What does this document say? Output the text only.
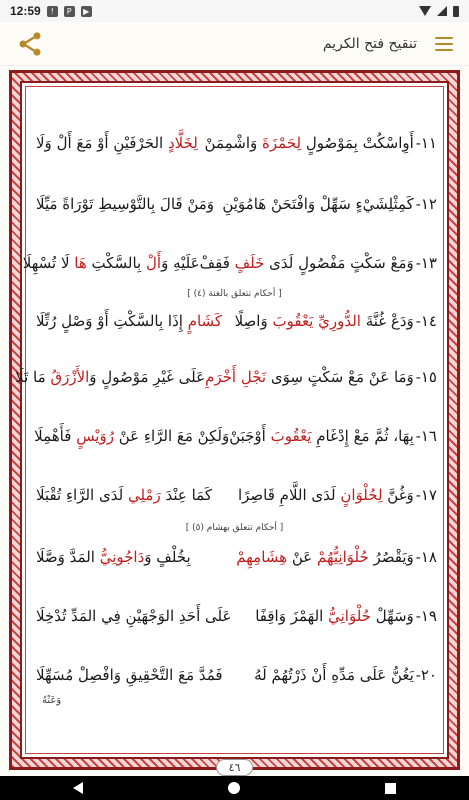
12:59	!	P	▶
تنقيح فتح الكريم
١١-
أَوِاسْكُتْ بِمَوْصُولٍ لِحَمْزَةَ وَاشْمِمَنْ
لِخَلَّادٍ الحَرْفَيْنِ أَوْ مَعَ أَلْ وَلَا
١٢-
كَمِثْلِشَيْءٍ سَهِّلْ وَافْتَحَنْ هَامُوَيْنِ
وَمَنْ قَالَ بِالتَّوْسِيطِ تَوْرَاةً مَيِّلَا
١٣-
وَمَعْ سَكْتٍ مَفْصُولٍ لَدَى خَلَفٍ فَقِفْ
عَلَيْهِ وَأَلْ بِالسَّكْتِ هَا لَا تُسْهِلَا
١٤-
وَدَعْ غُنَّةَ الدُّورِيِّ يَعْقُوبَ وَاصِلًا
كَشَامٍ إِذَا بِالسَّكْتِ أَوْ وَصْلٍ رُتِّلَا
١٥-
وَمَا عَنْ مَعْ سَكْتٍ سِوَى نَجْلِ أَخْرَمِ
عَلَى غَيْرِ مَوْصُولٍ وَالأَزْرَقُ مَا تَلَا
١٦-
بِهَا، ثُمَّ مَعْ إِدْغَامِ يَعْقُوبَ أَوْجَبَنْ
وَلَكِنْ مَعَ الرَّاءِ عَنْ رُوَيْسٍ فَأَهْمِلَا
١٧-
وَغُنَّ لِحُلْوَانٍ لَدَى اللَّامِ قَاصِرًا
كَمَا عِنْدَ رَمْلِي لَدَى الرَّاءِ تُقْبَلَا
١٨-
وَيَقْصُرُ حُلْوَانِيُّهُمْ عَنْ هِشَامِهِمْ
بِخُلْفٍ وَدَاجُونِيُّ المَدَّ وَصَّلَا
١٩-
وَسَهِّلْ حُلْوَانِيُّ الهَمْزَ وَاقِفًا
عَلَى أَحَدِ الوَجْهَيْنِ فِي المَدِّ تُدْخِلَا
٢٠-
يَغُنُّ عَلَى مَدِّهِ أَنْ ذَرْتُهُمْ لَهُ
فَمُدَّ مَعَ التَّحْقِيقِ وَافْصِلْ مُسَهِّلَا
[ أحكام تتعلق بالغنة (٤) ]
[ أحكام تتعلق بهشام (٥) ]
وَعَنْهُ
٤٦
